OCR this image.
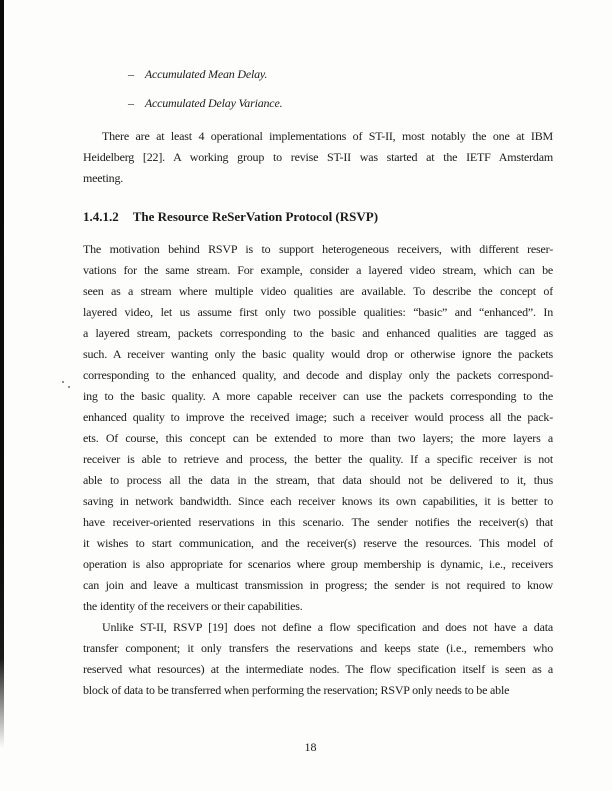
– Accumulated Mean Delay.
– Accumulated Delay Variance.
There are at least 4 operational implementations of ST-II, most notably the one at IBM
Heidelberg [22]. A working group to revise ST-II was started at the IETF Amsterdam
meeting.
1.4.1.2 The Resource ReSerVation Protocol (RSVP)
The motivation behind RSVP is to support heterogeneous receivers, with different reser-
vations for the same stream. For example, consider a layered video stream, which can be
seen as a stream where multiple video qualities are available. To describe the concept of
layered video, let us assume first only two possible qualities: “basic” and “enhanced”. In
a layered stream, packets corresponding to the basic and enhanced qualities are tagged as
such. A receiver wanting only the basic quality would drop or otherwise ignore the packets
corresponding to the enhanced quality, and decode and display only the packets correspond-
ing to the basic quality. A more capable receiver can use the packets corresponding to the
enhanced quality to improve the received image; such a receiver would process all the pack-
ets. Of course, this concept can be extended to more than two layers; the more layers a
receiver is able to retrieve and process, the better the quality. If a specific receiver is not
able to process all the data in the stream, that data should not be delivered to it, thus
saving in network bandwidth. Since each receiver knows its own capabilities, it is better to
have receiver-oriented reservations in this scenario. The sender notifies the receiver(s) that
it wishes to start communication, and the receiver(s) reserve the resources. This model of
operation is also appropriate for scenarios where group membership is dynamic, i.e., receivers
can join and leave a multicast transmission in progress; the sender is not required to know
the identity of the receivers or their capabilities.
Unlike ST-II, RSVP [19] does not define a flow specification and does not have a data
transfer component; it only transfers the reservations and keeps state (i.e., remembers who
reserved what resources) at the intermediate nodes. The flow specification itself is seen as a
block of data to be transferred when performing the reservation; RSVP only needs to be able
18
